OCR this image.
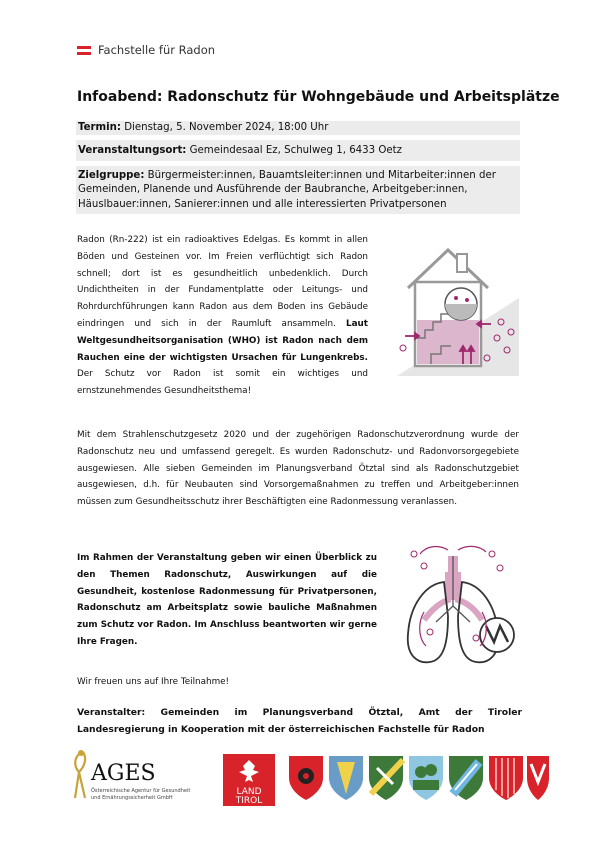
Fachstelle für Radon
Infoabend: Radonschutz für Wohngebäude und Arbeitsplätze

Termin: Dienstag, 5. November 2024, 18:00 Uhr

Veranstaltungsort: Gemeindesaal Ez, Schulweg 1, 6433 Oetz

Zielgruppe: Bürgermeister:innen, Bauamtsleiter:innen und Mitarbeiter:innen der Gemeinden, Planende und Ausführende der Baubranche, Arbeitgeber:innen, Häuslbauer:innen, Sanierer:innen und alle interessierten Privatpersonen

Radon (Rn-222) ist ein radioaktives Edelgas. Es kommt in allen Böden und Gesteinen vor. Im Freien verflüchtigt sich Radon schnell; dort ist es gesundheitlich unbedenklich. Durch Undichtheiten in der Fundamentplatte oder Leitungs- und Rohrdurchführungen kann Radon aus dem Boden ins Gebäude eindringen und sich in der Raumluft ansammeln. Laut Weltgesundheitsorganisation (WHO) ist Radon nach dem Rauchen eine der wichtigsten Ursachen für Lungenkrebs. Der Schutz vor Radon ist somit ein wichtiges und ernstzunehmendes Gesundheitsthema!
Mit dem Strahlenschutzgesetz 2020 und der zugehörigen Radonschutzverordnung wurde der Radonschutz neu und umfassend geregelt. Es wurden Radonschutz- und Radonvorsorgegebiete ausgewiesen. Alle sieben Gemeinden im Planungsverband Ötztal sind als Radonschutzgebiet ausgewiesen, d.h. für Neubauten sind Vorsorgemaßnahmen zu treffen und Arbeitgeber:innen müssen zum Gesundheitsschutz ihrer Beschäftigten eine Radonmessung veranlassen.
Im Rahmen der Veranstaltung geben wir einen Überblick zu den Themen Radonschutz, Auswirkungen auf die Gesundheit, kostenlose Radonmessung für Privatpersonen, Radonschutz am Arbeitsplatz sowie bauliche Maßnahmen zum Schutz vor Radon. Im Anschluss beantworten wir gerne Ihre Fragen.
Wir freuen uns auf Ihre Teilnahme!
Veranstalter: Gemeinden im Planungsverband Ötztal, Amt der Tiroler Landesregierung in Kooperation mit der österreichischen Fachstelle für Radon
AGES
Österreichische Agentur für Gesundheit
und Ernährungssicherheit GmbH
LAND
TIROL
